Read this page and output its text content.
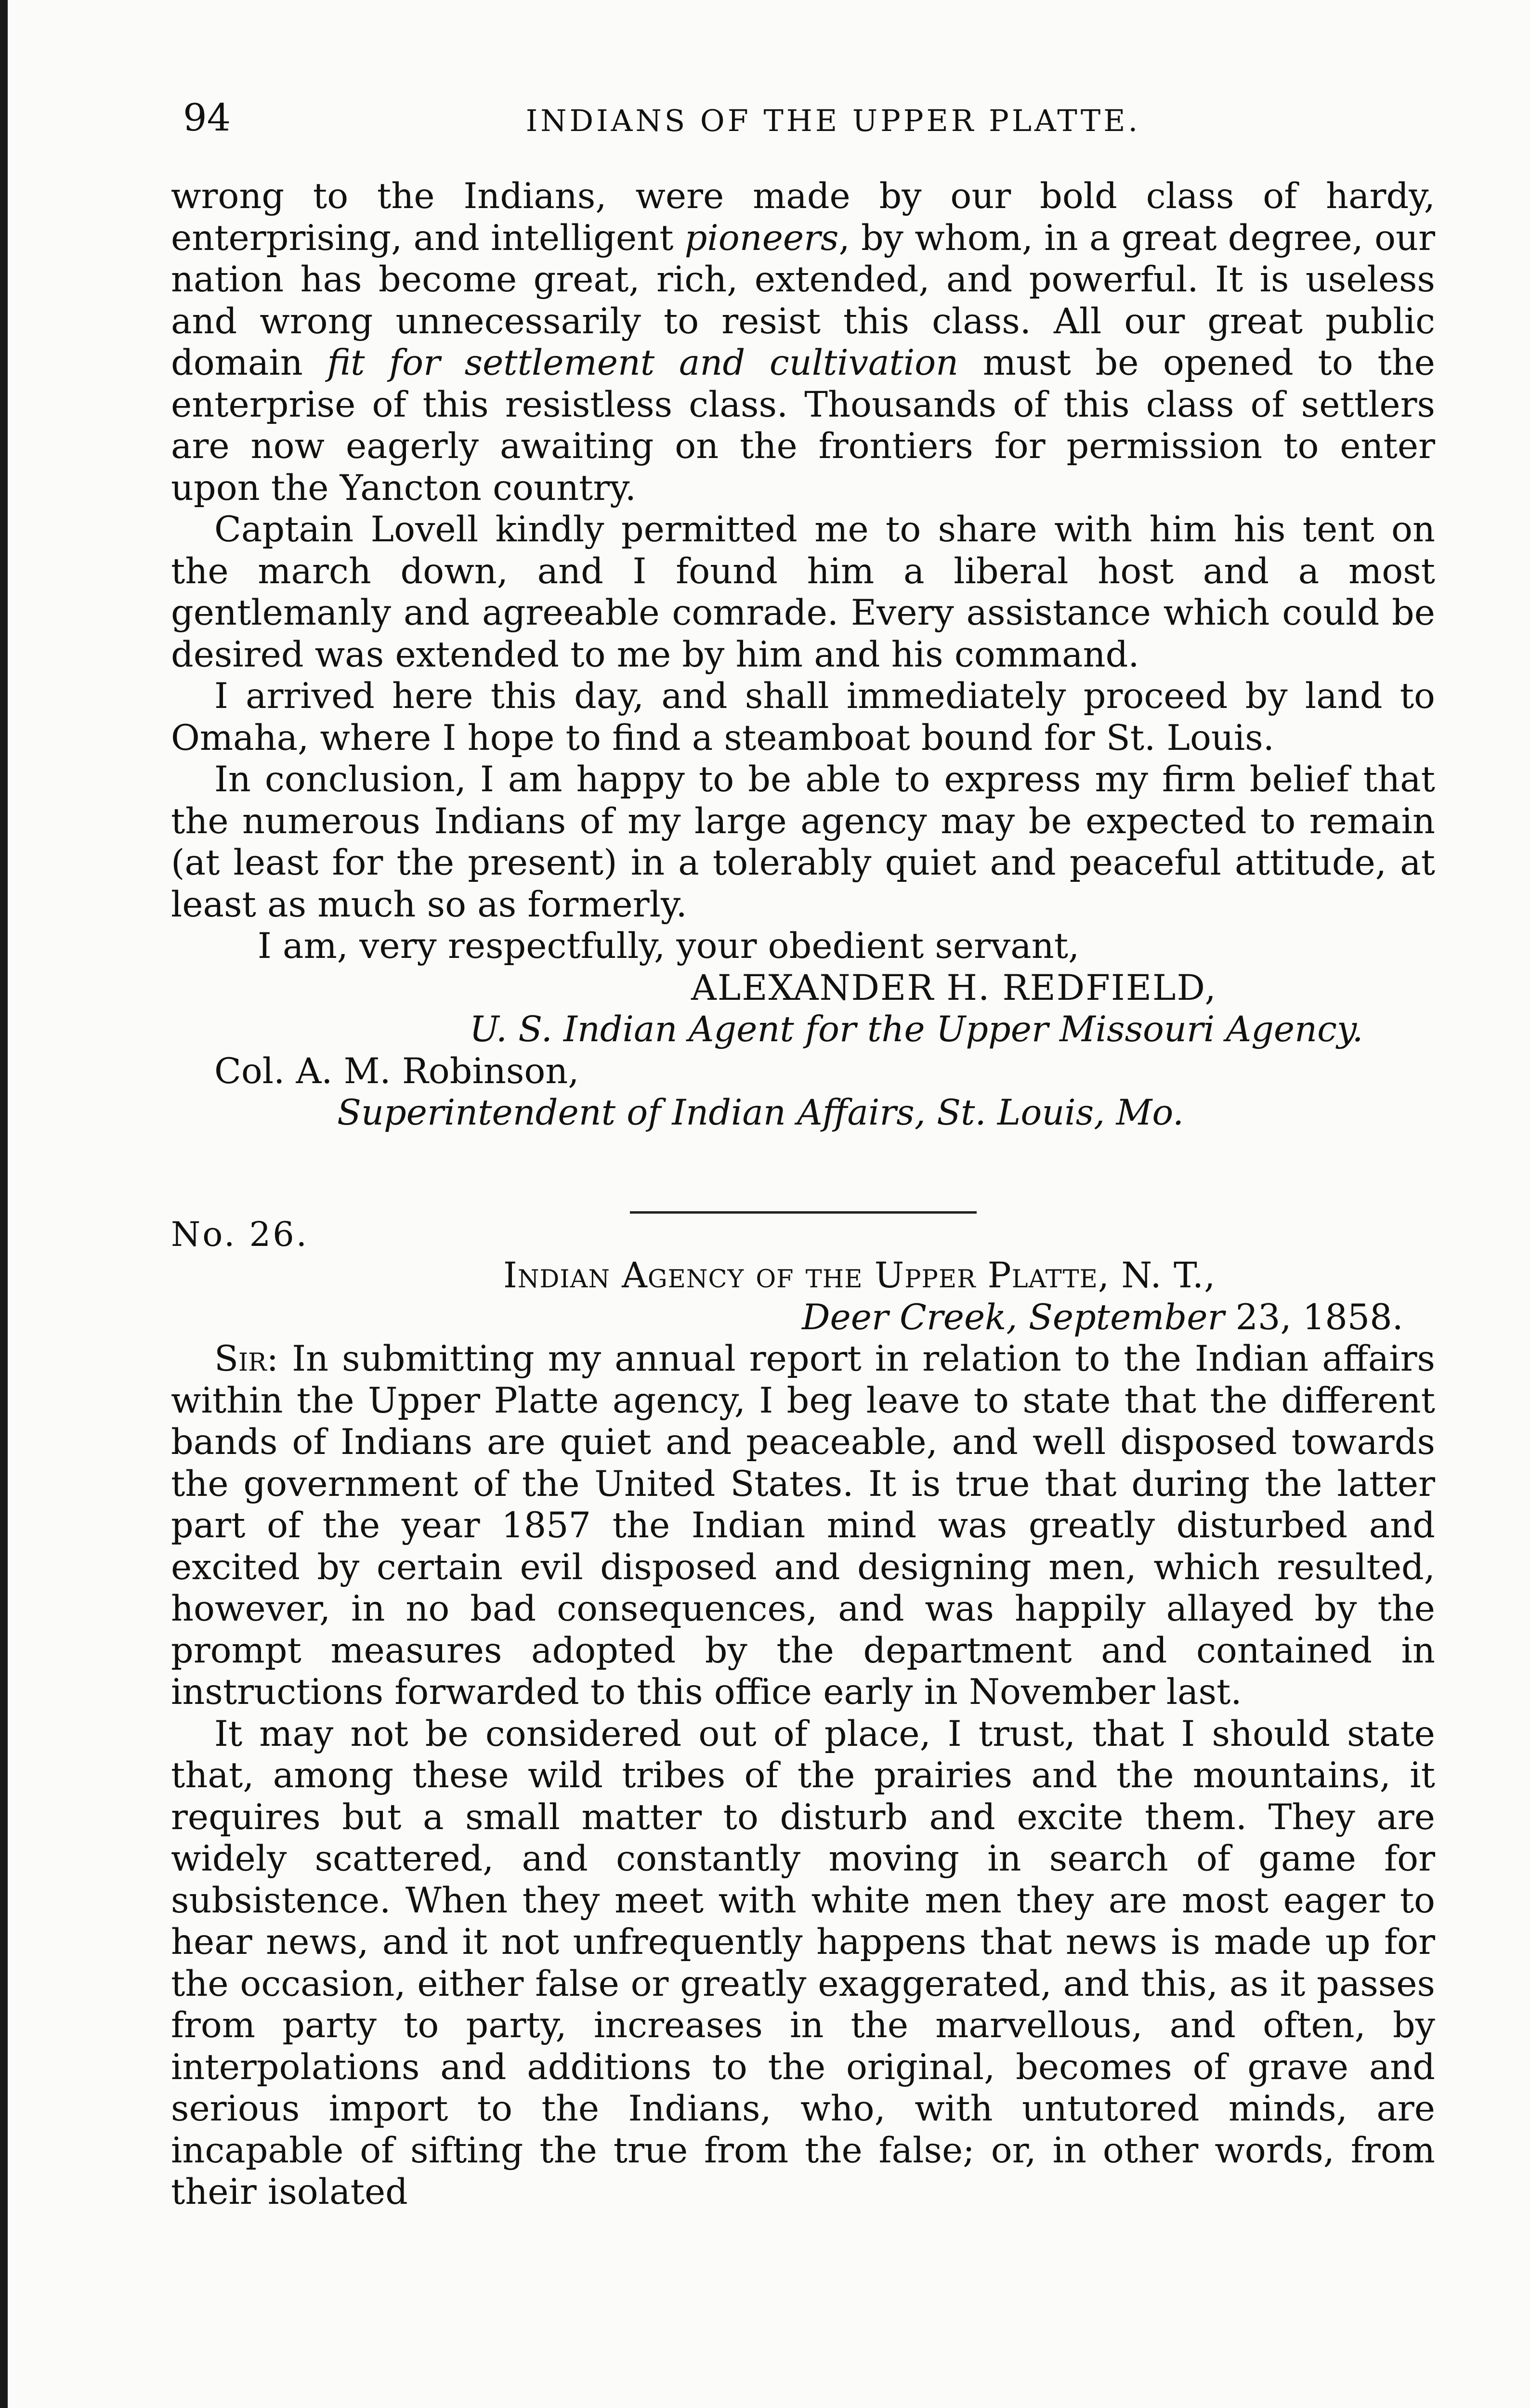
94	INDIANS OF THE UPPER PLATTE.

wrong to the Indians, were made by our bold class of hardy, enterprising, and intelligent pioneers, by whom, in a great degree, our nation has become great, rich, extended, and powerful. It is useless and wrong unnecessarily to resist this class. All our great public domain fit for settlement and cultivation must be opened to the enterprise of this resistless class. Thousands of this class of settlers are now eagerly awaiting on the frontiers for permission to enter upon the Yancton country.

Captain Lovell kindly permitted me to share with him his tent on the march down, and I found him a liberal host and a most gentlemanly and agreeable comrade. Every assistance which could be desired was extended to me by him and his command.

I arrived here this day, and shall immediately proceed by land to Omaha, where I hope to find a steamboat bound for St. Louis.

In conclusion, I am happy to be able to express my firm belief that the numerous Indians of my large agency may be expected to remain (at least for the present) in a tolerably quiet and peaceful attitude, at least as much so as formerly.

I am, very respectfully, your obedient servant,

ALEXANDER H. REDFIELD,

U. S. Indian Agent for the Upper Missouri Agency.

Col. A. M. Robinson,

Superintendent of Indian Affairs, St. Louis, Mo.

No. 26.

Indian Agency of the Upper Platte, N. T.,

Deer Creek, September 23, 1858.

Sir: In submitting my annual report in relation to the Indian affairs within the Upper Platte agency, I beg leave to state that the different bands of Indians are quiet and peaceable, and well disposed towards the government of the United States. It is true that during the latter part of the year 1857 the Indian mind was greatly disturbed and excited by certain evil disposed and designing men, which resulted, however, in no bad consequences, and was happily allayed by the prompt measures adopted by the department and contained in instructions forwarded to this office early in November last.

It may not be considered out of place, I trust, that I should state that, among these wild tribes of the prairies and the mountains, it requires but a small matter to disturb and excite them. They are widely scattered, and constantly moving in search of game for subsistence. When they meet with white men they are most eager to hear news, and it not unfrequently happens that news is made up for the occasion, either false or greatly exaggerated, and this, as it passes from party to party, increases in the marvellous, and often, by interpolations and additions to the original, becomes of grave and serious import to the Indians, who, with untutored minds, are incapable of sifting the true from the false; or, in other words, from their isolated
